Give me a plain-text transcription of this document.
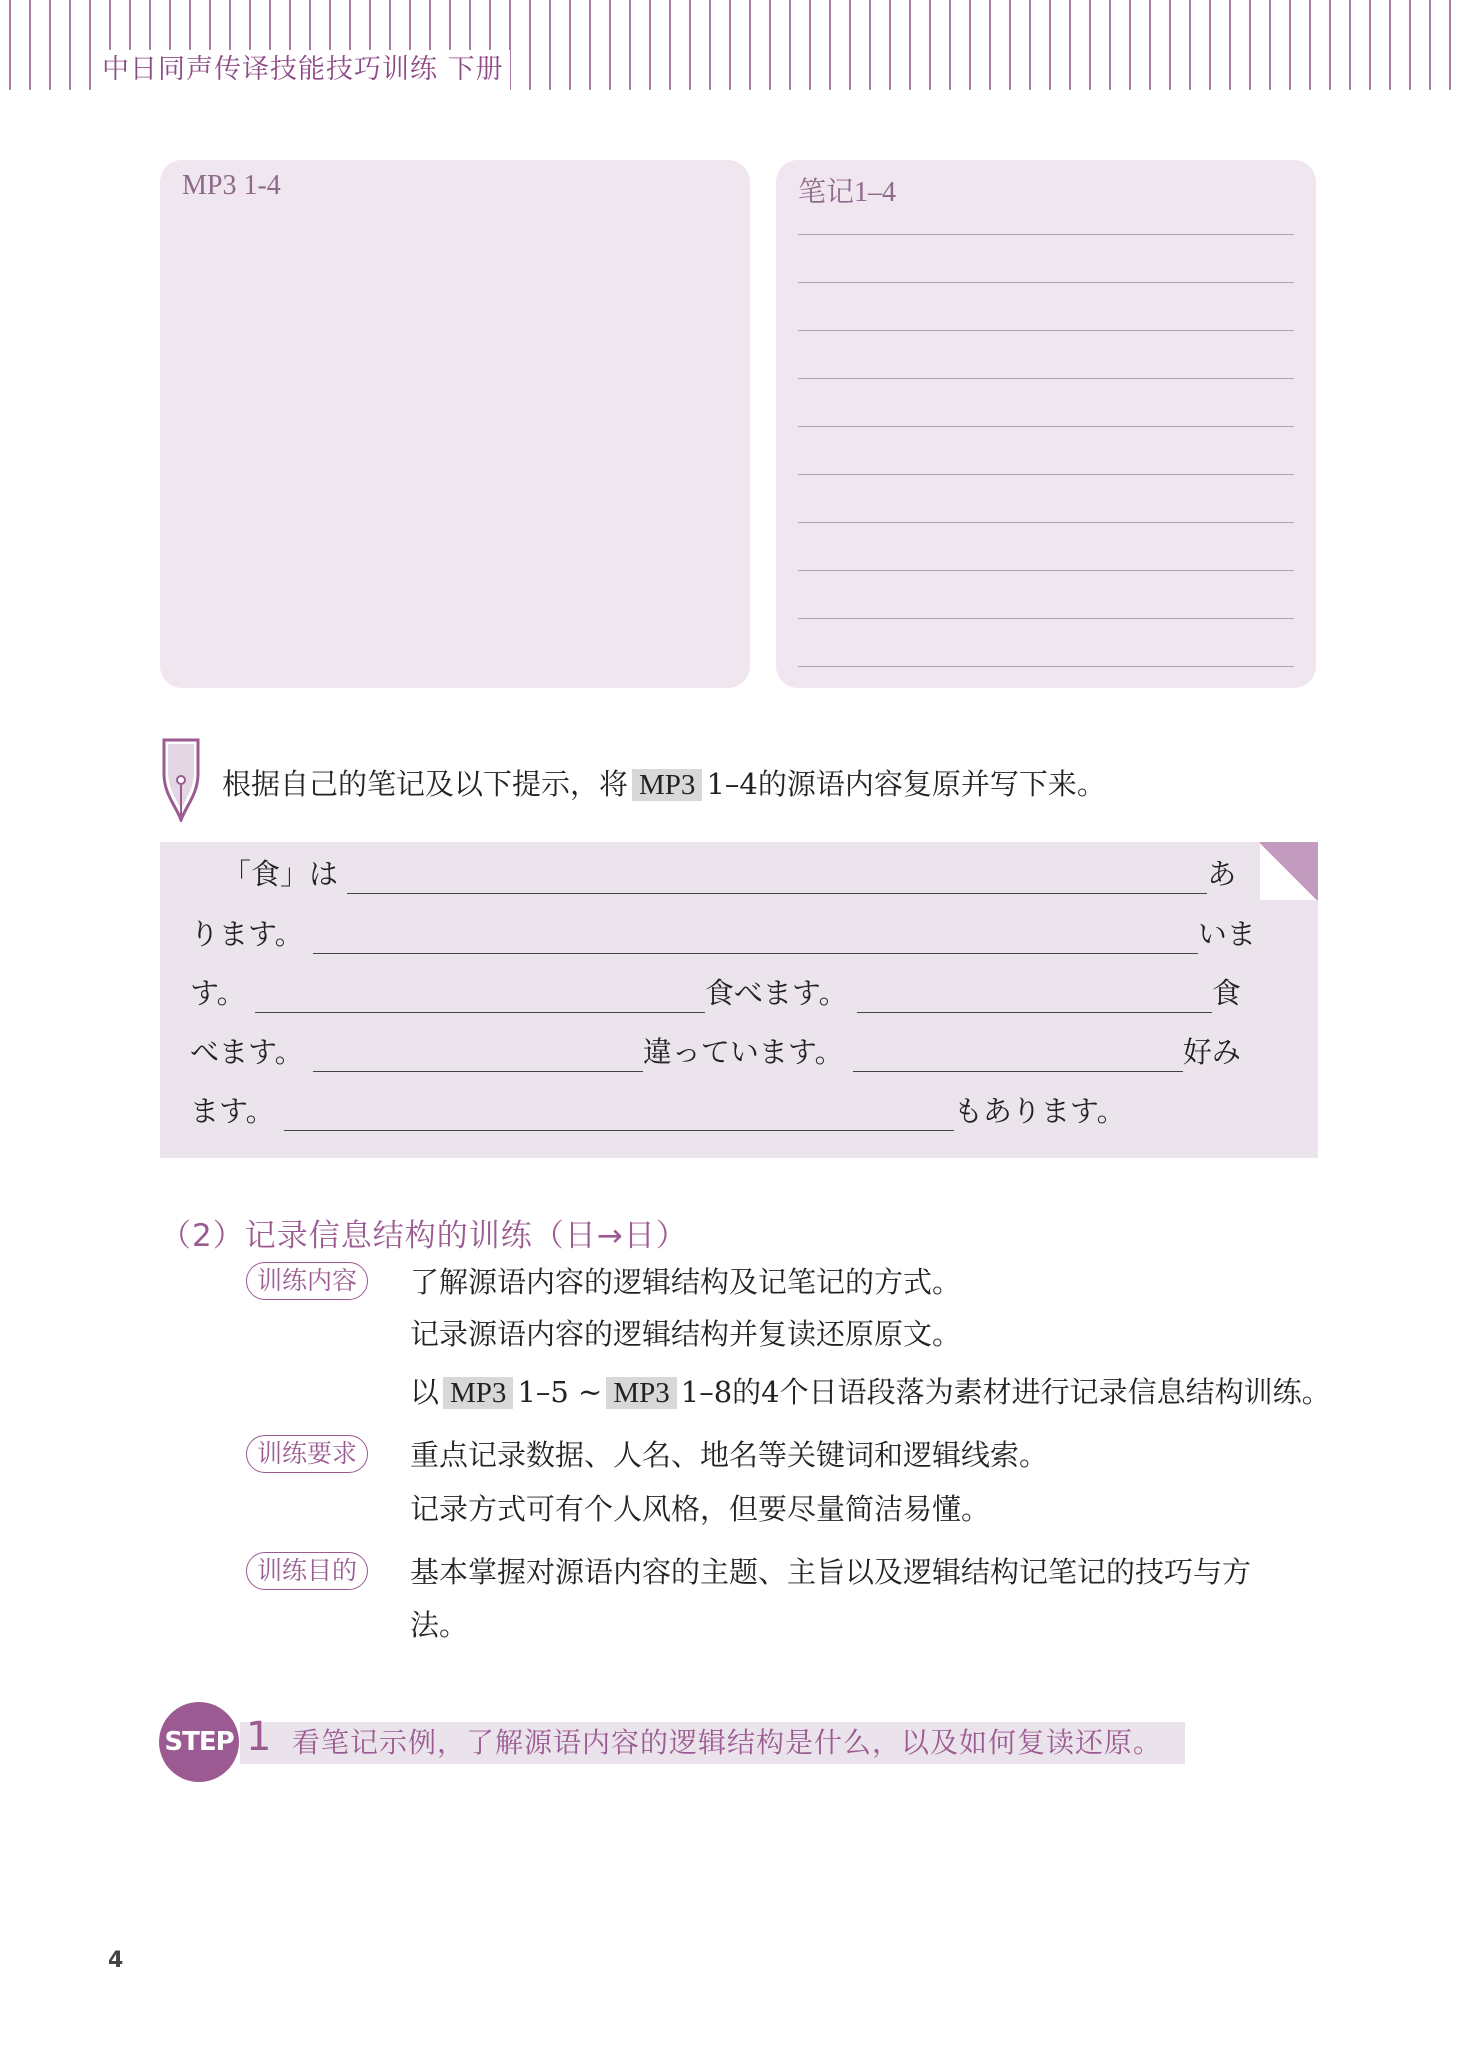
中日同声传译技能技巧训练 下册
MP3 1-4	笔记1–4
根据自己的笔记及以下提示，将 MP3 1–4的源语内容复原并写下来。
「食」は	あ
ります。	いま
す。	食べます。	食
べます。	違っています。	好み
ます。	もあります。
（2）记录信息结构的训练（日→日）
训练内容	了解源语内容的逻辑结构及记笔记的方式。
记录源语内容的逻辑结构并复读还原原文。
以 MP3 1–5 ~ MP3 1–8的4个日语段落为素材进行记录信息结构训练。
训练要求	重点记录数据、人名、地名等关键词和逻辑线索。
记录方式可有个人风格，但要尽量简洁易懂。
训练目的	基本掌握对源语内容的主题、主旨以及逻辑结构记笔记的技巧与方
法。
STEP 1 看笔记示例，了解源语内容的逻辑结构是什么，以及如何复读还原。
4
